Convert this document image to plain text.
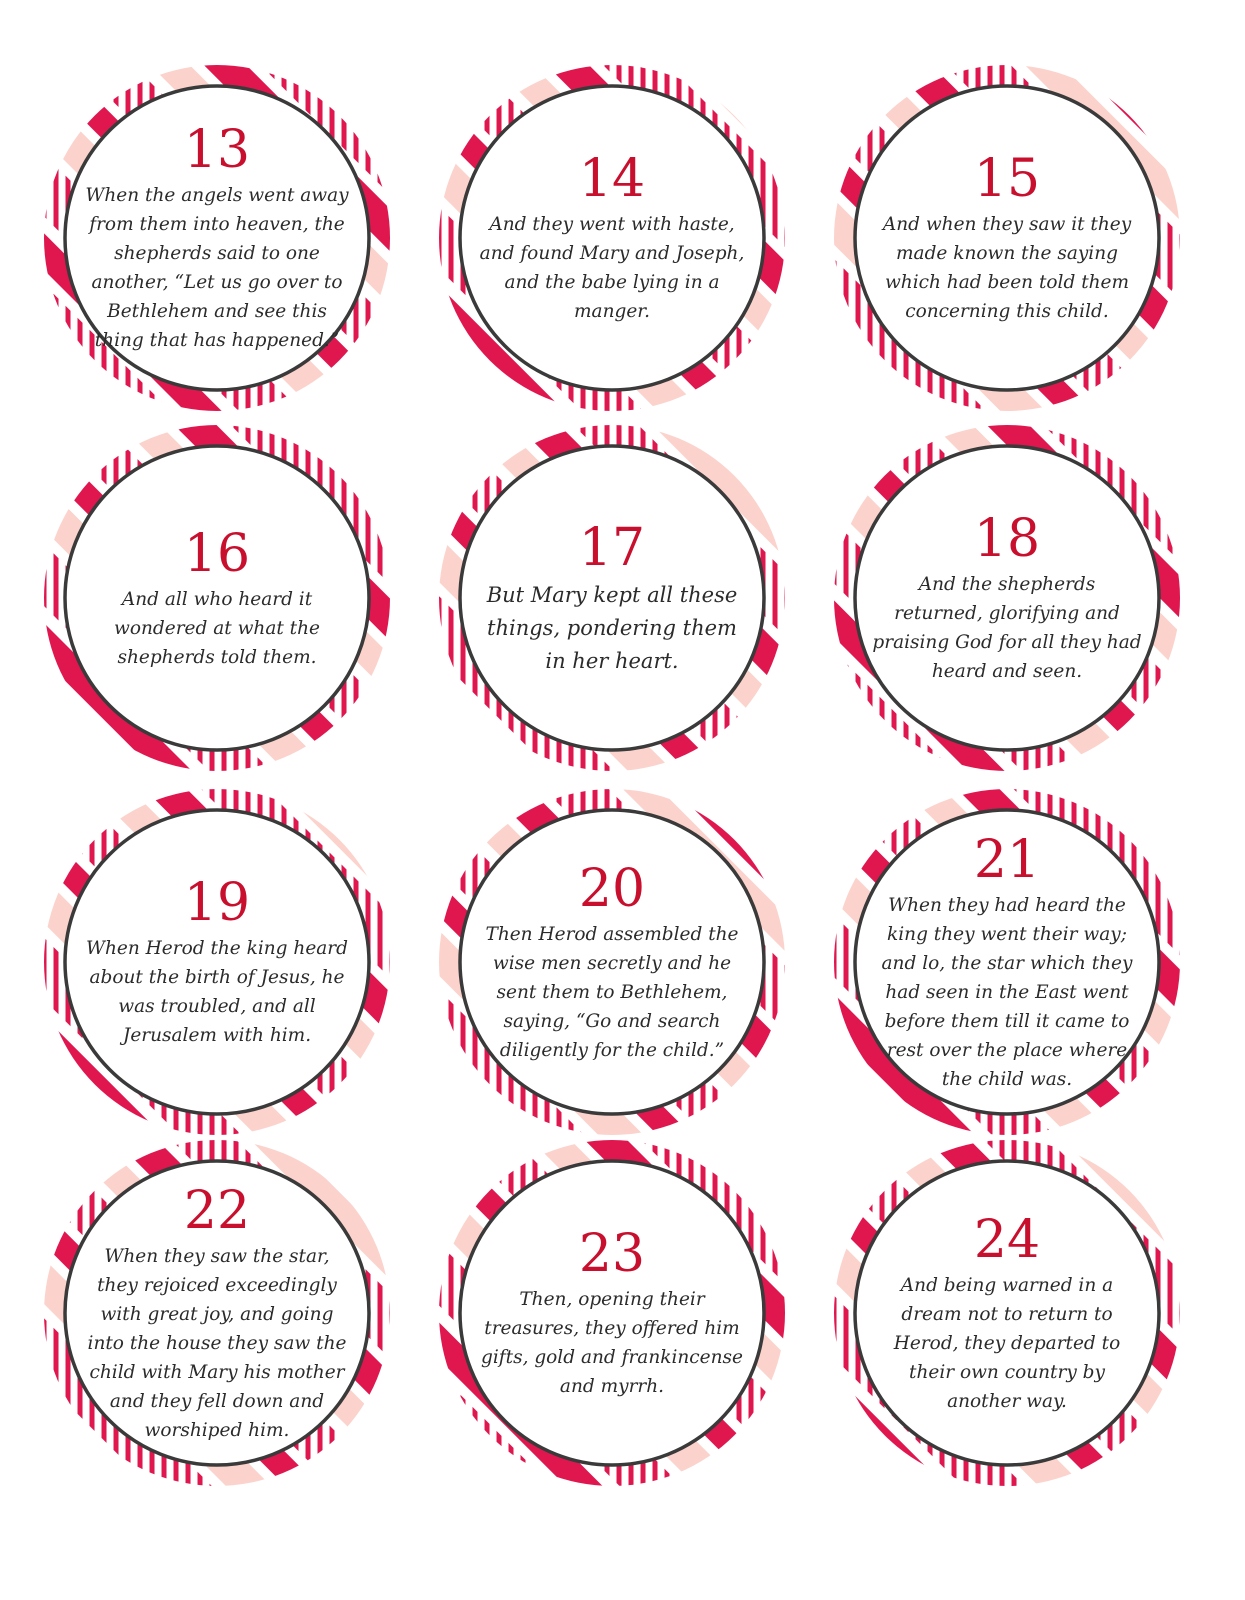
13
When the angels went away from them into heaven, the shepherds said to one another, “Let us go over to Bethlehem and see this thing that has happened.”
14
And they went with haste, and found Mary and Joseph, and the babe lying in a manger.
15
And when they saw it they made known the saying which had been told them concerning this child.
16
And all who heard it wondered at what the shepherds told them.
17
But Mary kept all these things, pondering them in her heart.
18
And the shepherds returned, glorifying and praising God for all they had heard and seen.
19
When Herod the king heard about the birth of Jesus, he was troubled, and all Jerusalem with him.
20
Then Herod assembled the wise men secretly and he sent them to Bethlehem, saying, “Go and search diligently for the child.”
21
When they had heard the king they went their way; and lo, the star which they had seen in the East went before them till it came to rest over the place where the child was.
22
When they saw the star, they rejoiced exceedingly with great joy, and going into the house they saw the child with Mary his mother and they fell down and worshiped him.
23
Then, opening their treasures, they offered him gifts, gold and frankincense and myrrh.
24
And being warned in a dream not to return to Herod, they departed to their own country by another way.
